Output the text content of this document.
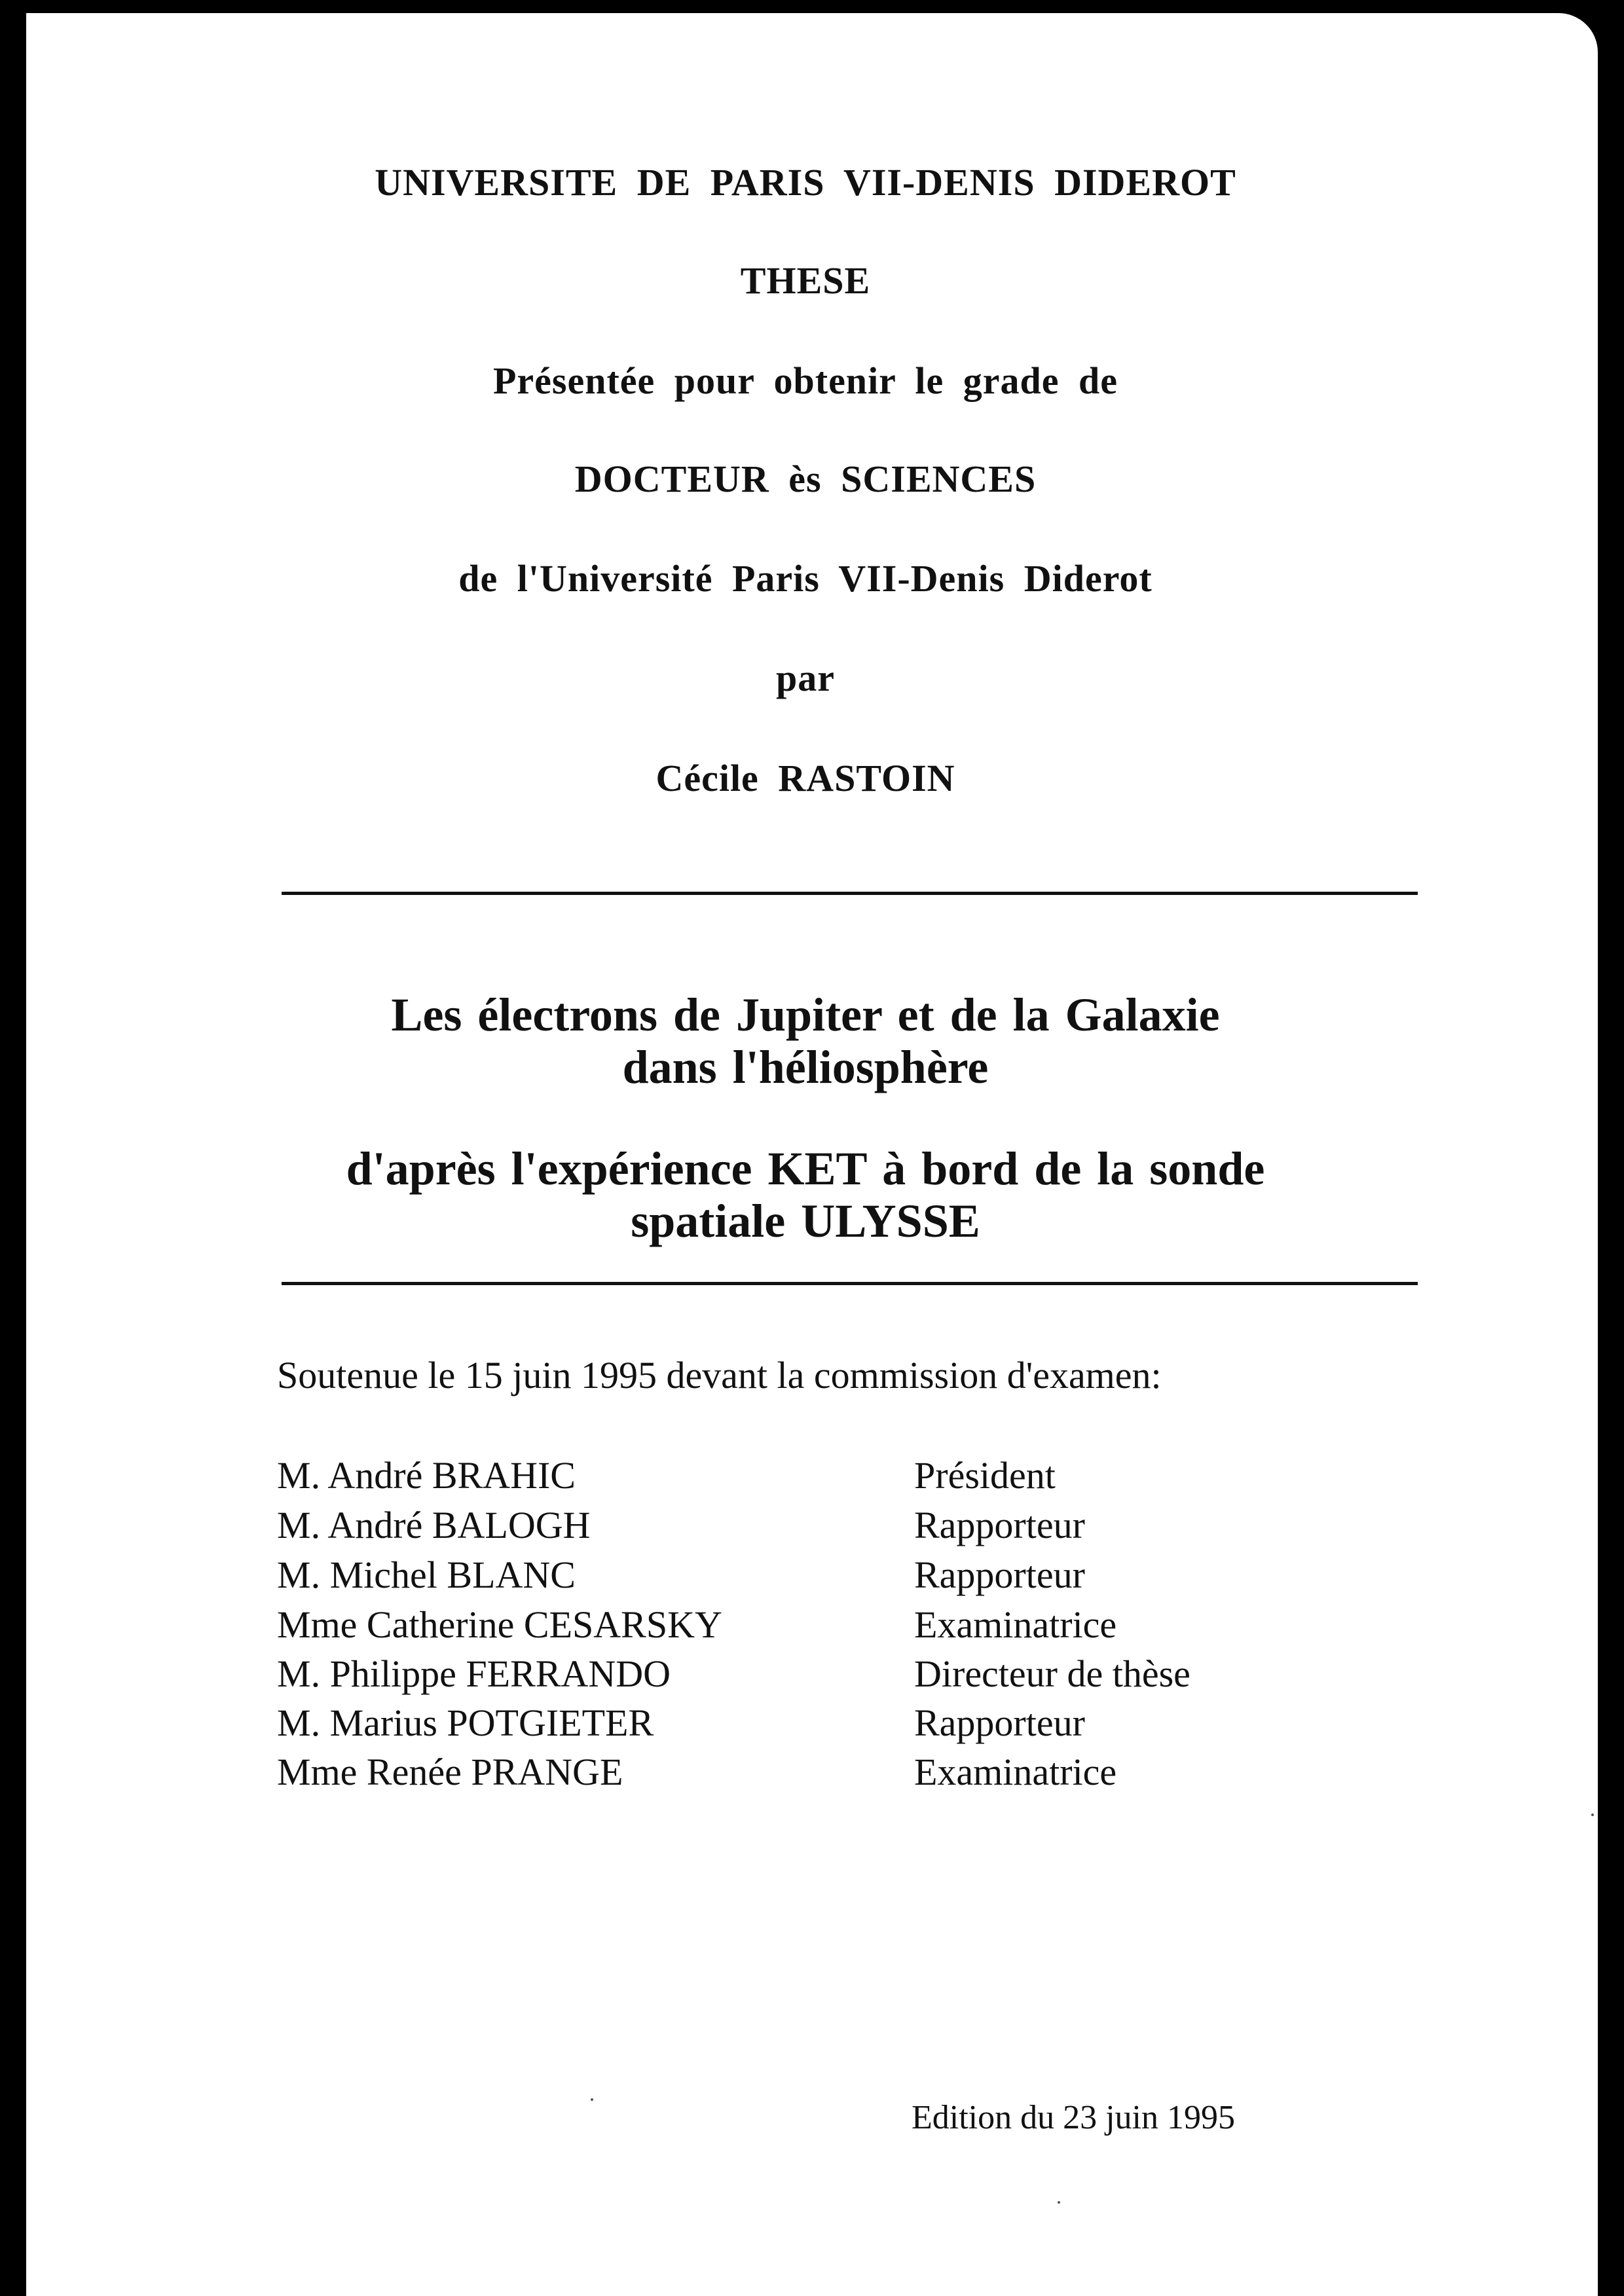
UNIVERSITE DE PARIS VII-DENIS DIDEROT
THESE
Présentée pour obtenir le grade de
DOCTEUR ès SCIENCES
de l'Université Paris VII-Denis Diderot
par
Cécile RASTOIN
Les électrons de Jupiter et de la Galaxie
dans l'héliosphère
d'après l'expérience KET à bord de la sonde
spatiale ULYSSE
Soutenue le 15 juin 1995 devant la commission d'examen:
M. André BRAHIC	Président
M. André BALOGH	Rapporteur
M. Michel BLANC	Rapporteur
Mme Catherine CESARSKY	Examinatrice
M. Philippe FERRANDO	Directeur de thèse
M. Marius POTGIETER	Rapporteur
Mme Renée PRANGE	Examinatrice
Edition du 23 juin 1995
